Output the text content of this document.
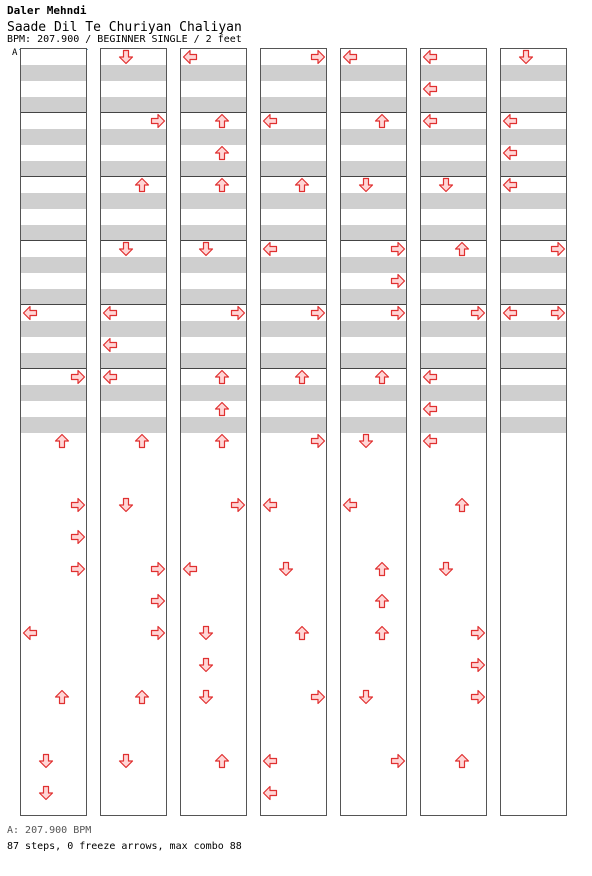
Daler Mehndi
Saade Dil Te Churiyan Chaliyan
BPM: 207.900 / BEGINNER SINGLE / 2 feet
A
A: 207.900 BPM
87 steps, 0 freeze arrows, max combo 88
